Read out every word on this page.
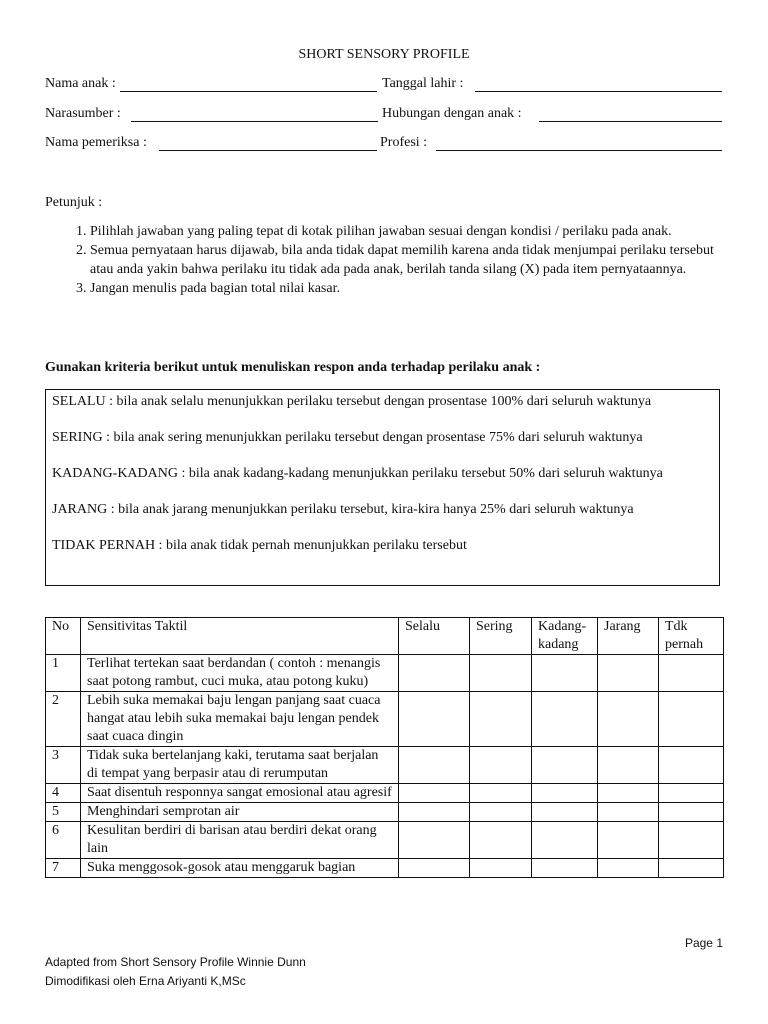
SHORT SENSORY PROFILE
Nama anak :	Tanggal lahir :
Narasumber :	Hubungan dengan anak :
Nama pemeriksa :	Profesi :
Petunjuk :
1. Pilihlah jawaban yang paling tepat di kotak pilihan jawaban sesuai dengan kondisi / perilaku pada anak.
2. Semua pernyataan harus dijawab, bila anda tidak dapat memilih karena anda tidak menjumpai perilaku tersebut atau anda yakin bahwa perilaku itu tidak ada pada anak, berilah tanda silang (X) pada item pernyataannya.
3. Jangan menulis pada bagian total nilai kasar.
Gunakan kriteria berikut untuk menuliskan respon anda terhadap perilaku anak :

SELALU : bila anak selalu menunjukkan perilaku tersebut dengan prosentase 100% dari seluruh waktunya

SERING : bila anak sering menunjukkan perilaku tersebut dengan prosentase 75% dari seluruh waktunya

KADANG-KADANG : bila anak kadang-kadang menunjukkan perilaku tersebut 50% dari seluruh waktunya

JARANG : bila anak jarang menunjukkan perilaku tersebut, kira-kira hanya 25% dari seluruh waktunya

TIDAK PERNAH : bila anak tidak pernah menunjukkan perilaku tersebut

No	Sensitivitas Taktil	Selalu	Sering	Kadang-kadang	Jarang	Tdk pernah
1	Terlihat tertekan saat berdandan ( contoh : menangis saat potong rambut, cuci muka, atau potong kuku)					
2	Lebih suka memakai baju lengan panjang saat cuaca hangat atau lebih suka memakai baju lengan pendek saat cuaca dingin					
3	Tidak suka bertelanjang kaki, terutama saat berjalan di tempat yang berpasir atau di rerumputan					
4	Saat disentuh responnya sangat emosional atau agresif					
5	Menghindari semprotan air					
6	Kesulitan berdiri di barisan atau berdiri dekat orang lain					
7	Suka menggosok-gosok atau menggaruk bagian					
Page 1
Adapted from Short Sensory Profile Winnie Dunn
Dimodifikasi oleh Erna Ariyanti K,MSc
